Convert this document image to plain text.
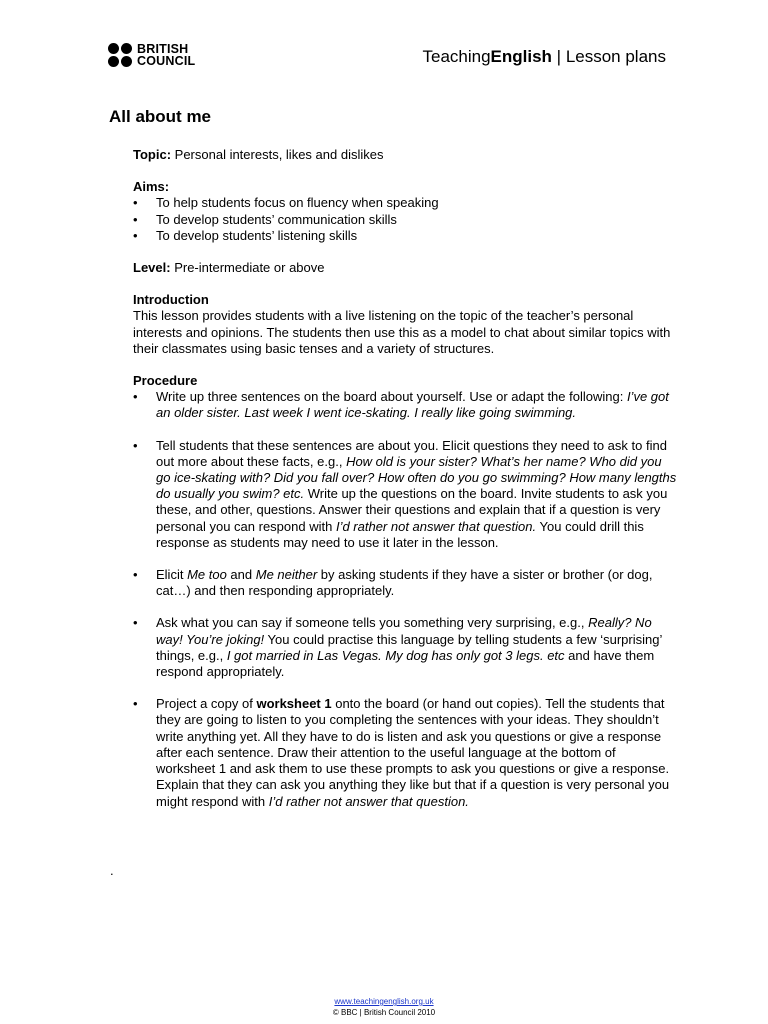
BRITISH
COUNCIL	TeachingEnglish | Lesson plans
All about me

Topic: Personal interests, likes and dislikes

Aims:

• To help students focus on fluency when speaking
• To develop students’ communication skills
• To develop students’ listening skills

Level: Pre-intermediate or above

Introduction

This lesson provides students with a live listening on the topic of the teacher’s personal interests and opinions. The students then use this as a model to chat about similar topics with their classmates using basic tenses and a variety of structures.

Procedure

• Write up three sentences on the board about yourself. Use or adapt the following: I’ve got an older sister. Last week I went ice-skating. I really like going swimming.
• Tell students that these sentences are about you. Elicit questions they need to ask to find out more about these facts, e.g., How old is your sister? What’s her name? Who did you go ice-skating with? Did you fall over? How often do you go swimming? How many lengths do usually you swim? etc. Write up the questions on the board. Invite students to ask you these, and other, questions. Answer their questions and explain that if a question is very personal you can respond with I’d rather not answer that question. You could drill this response as students may need to use it later in the lesson.
• Elicit Me too and Me neither by asking students if they have a sister or brother (or dog, cat…) and then responding appropriately.
• Ask what you can say if someone tells you something very surprising, e.g., Really? No way! You’re joking! You could practise this language by telling students a few ‘surprising’ things, e.g., I got married in Las Vegas. My dog has only got 3 legs. etc and have them respond appropriately.
• Project a copy of worksheet 1 onto the board (or hand out copies). Tell the students that they are going to listen to you completing the sentences with your ideas. They shouldn’t write anything yet. All they have to do is listen and ask you questions or give a response after each sentence. Draw their attention to the useful language at the bottom of worksheet 1 and ask them to use these prompts to ask you questions or give a response. Explain that they can ask you anything they like but that if a question is very personal you might respond with I’d rather not answer that question.
.
www.teachingenglish.org.uk
© BBC | British Council 2010
